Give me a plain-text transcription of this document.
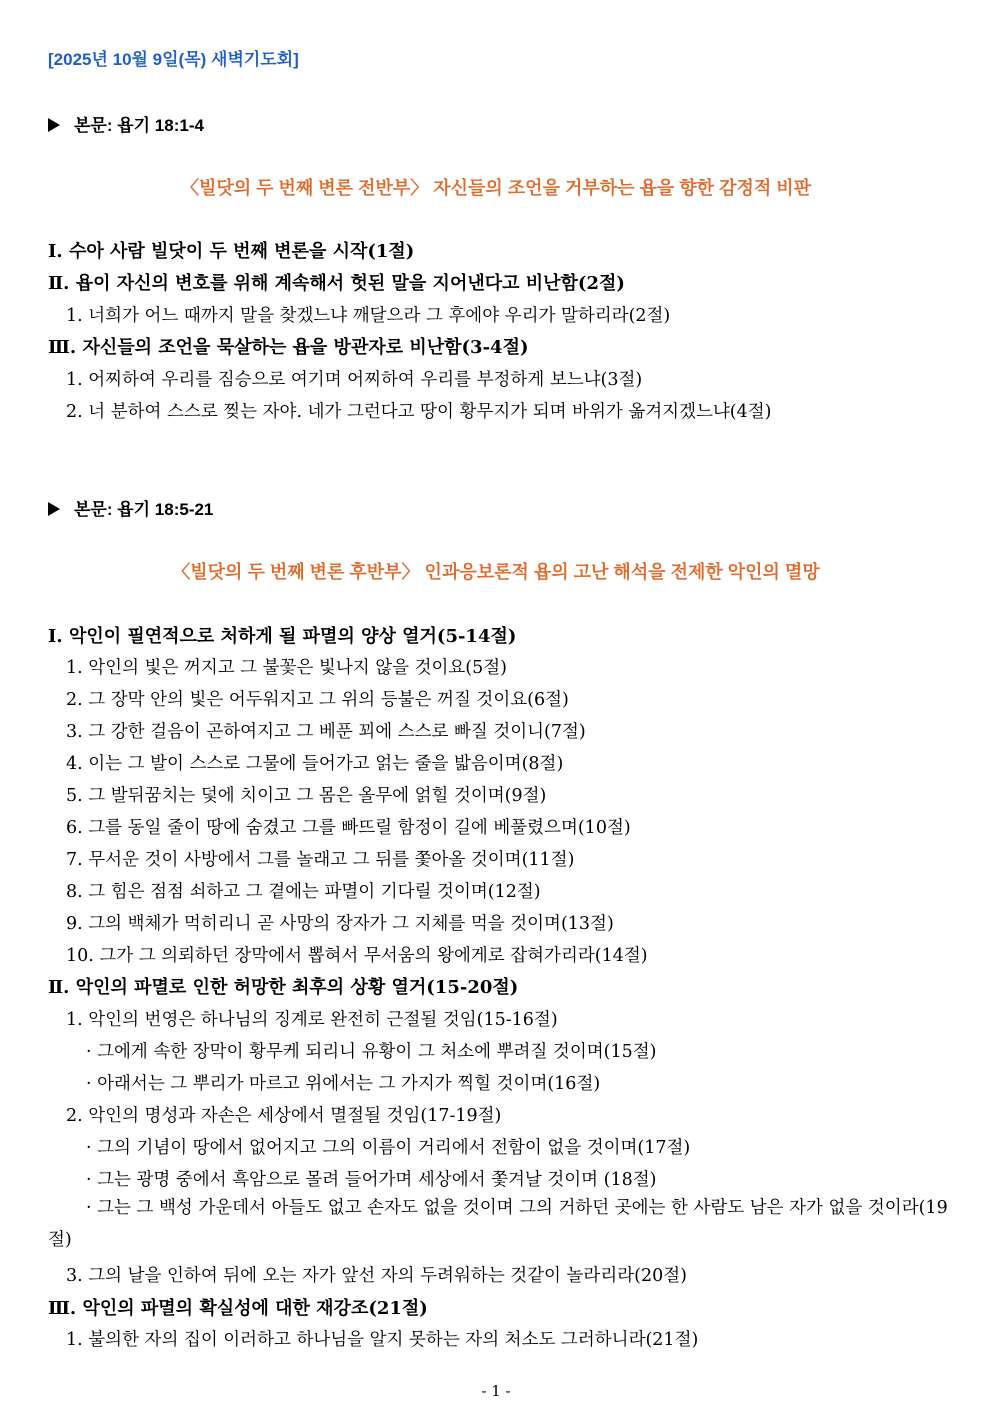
[2025년 10월 9일(목) 새벽기도회]
본문: 욥기 18:1-4
〈빌닷의 두 번째 변론 전반부〉 자신들의 조언을 거부하는 욥을 향한 감정적 비판
Ⅰ. 수아 사람 빌닷이 두 번째 변론을 시작(1절)
Ⅱ. 욥이 자신의 변호를 위해 계속해서 헛된 말을 지어낸다고 비난함(2절)
1. 너희가 어느 때까지 말을 찾겠느냐 깨달으라 그 후에야 우리가 말하리라(2절)
Ⅲ. 자신들의 조언을 묵살하는 욥을 방관자로 비난함(3-4절)
1. 어찌하여 우리를 짐승으로 여기며 어찌하여 우리를 부정하게 보느냐(3절)
2. 너 분하여 스스로 찢는 자야. 네가 그런다고 땅이 황무지가 되며 바위가 옮겨지겠느냐(4절)
본문: 욥기 18:5-21
〈빌닷의 두 번째 변론 후반부〉 인과응보론적 욥의 고난 해석을 전제한 악인의 멸망
Ⅰ. 악인이 필연적으로 처하게 될 파멸의 양상 열거(5-14절)
1. 악인의 빛은 꺼지고 그 불꽃은 빛나지 않을 것이요(5절)
2. 그 장막 안의 빛은 어두워지고 그 위의 등불은 꺼질 것이요(6절)
3. 그 강한 걸음이 곤하여지고 그 베푼 꾀에 스스로 빠질 것이니(7절)
4. 이는 그 발이 스스로 그물에 들어가고 얽는 줄을 밟음이며(8절)
5. 그 발뒤꿈치는 덫에 치이고 그 몸은 올무에 얽힐 것이며(9절)
6. 그를 동일 줄이 땅에 숨겼고 그를 빠뜨릴 함정이 길에 베풀렸으며(10절)
7. 무서운 것이 사방에서 그를 놀래고 그 뒤를 쫓아올 것이며(11절)
8. 그 힘은 점점 쇠하고 그 곁에는 파멸이 기다릴 것이며(12절)
9. 그의 백체가 먹히리니 곧 사망의 장자가 그 지체를 먹을 것이며(13절)
10. 그가 그 의뢰하던 장막에서 뽑혀서 무서움의 왕에게로 잡혀가리라(14절)
Ⅱ. 악인의 파멸로 인한 허망한 최후의 상황 열거(15-20절)
1. 악인의 번영은 하나님의 징계로 완전히 근절될 것임(15-16절)
· 그에게 속한 장막이 황무케 되리니 유황이 그 처소에 뿌려질 것이며(15절)
· 아래서는 그 뿌리가 마르고 위에서는 그 가지가 찍힐 것이며(16절)
2. 악인의 명성과 자손은 세상에서 멸절될 것임(17-19절)
· 그의 기념이 땅에서 없어지고 그의 이름이 거리에서 전함이 없을 것이며(17절)
· 그는 광명 중에서 흑암으로 몰려 들어가며 세상에서 쫓겨날 것이며 (18절)
· 그는 그 백성 가운데서 아들도 없고 손자도 없을 것이며 그의 거하던 곳에는 한 사람도 남은 자가 없을 것이라(19절)
3. 그의 날을 인하여 뒤에 오는 자가 앞선 자의 두려워하는 것같이 놀라리라(20절)
Ⅲ. 악인의 파멸의 확실성에 대한 재강조(21절)
1. 불의한 자의 집이 이러하고 하나님을 알지 못하는 자의 처소도 그러하니라(21절)
- 1 -
